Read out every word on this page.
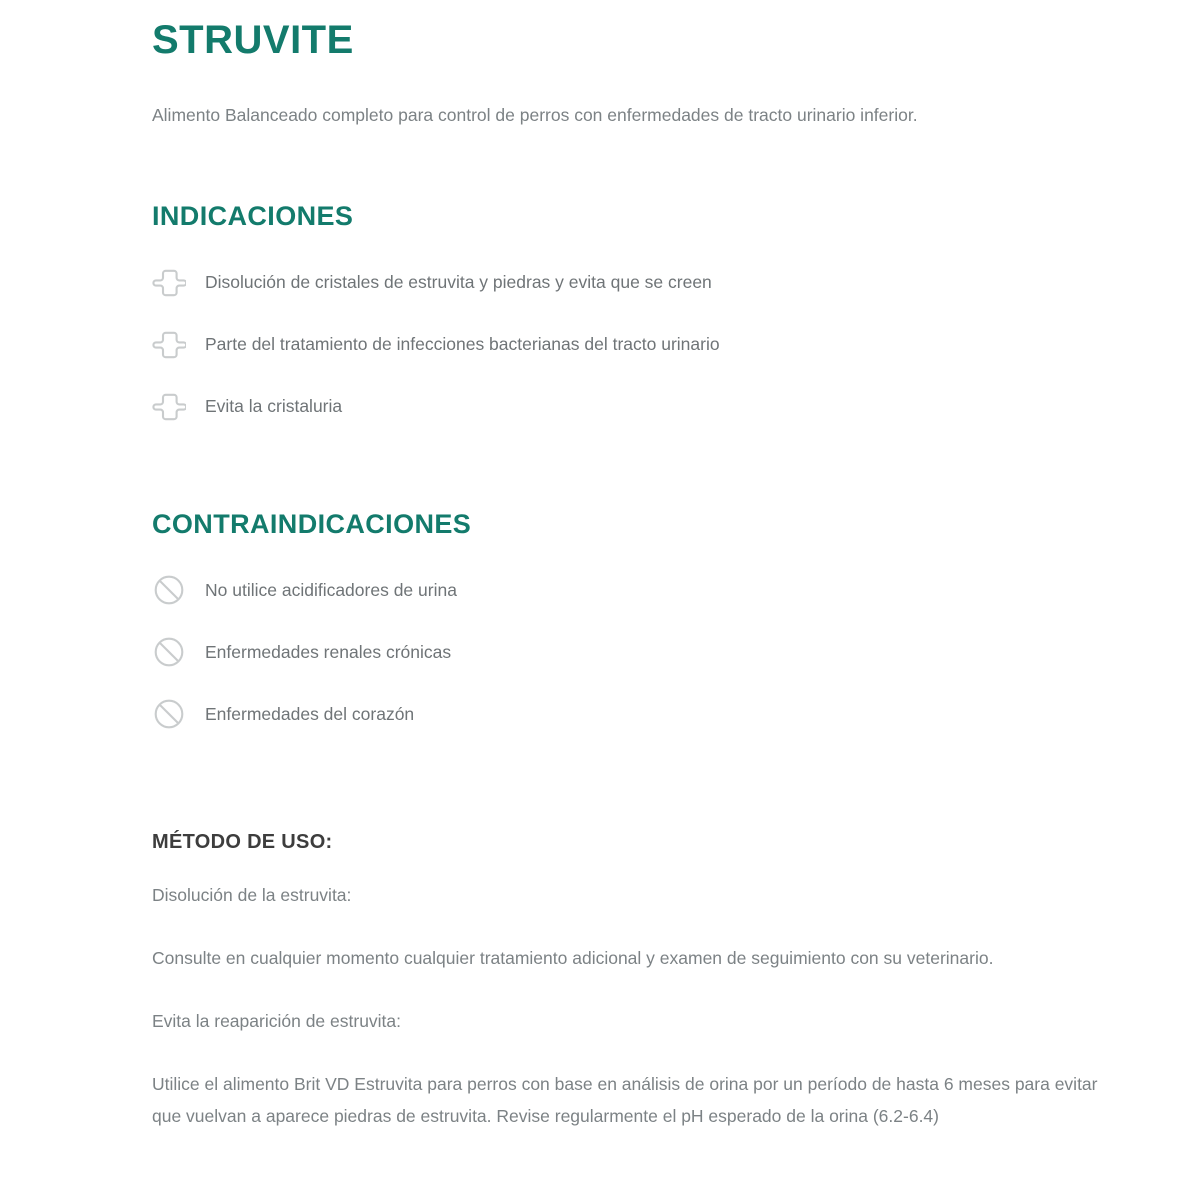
STRUVITE

Alimento Balanceado completo para control de perros con enfermedades de tracto urinario inferior.

INDICACIONES
Disolución de cristales de estruvita y piedras y evita que se creen
Parte del tratamiento de infecciones bacterianas del tracto urinario
Evita la cristaluria
CONTRAINDICACIONES
No utilice acidificadores de urina
Enfermedades renales crónicas
Enfermedades del corazón
MÉTODO DE USO:

Disolución de la estruvita:

Consulte en cualquier momento cualquier tratamiento adicional y examen de seguimiento con su veterinario.

Evita la reaparición de estruvita:

Utilice el alimento Brit VD Estruvita para perros con base en análisis de orina por un período de hasta 6 meses para evitar que vuelvan a aparece piedras de estruvita. Revise regularmente el pH esperado de la orina (6.2-6.4)
